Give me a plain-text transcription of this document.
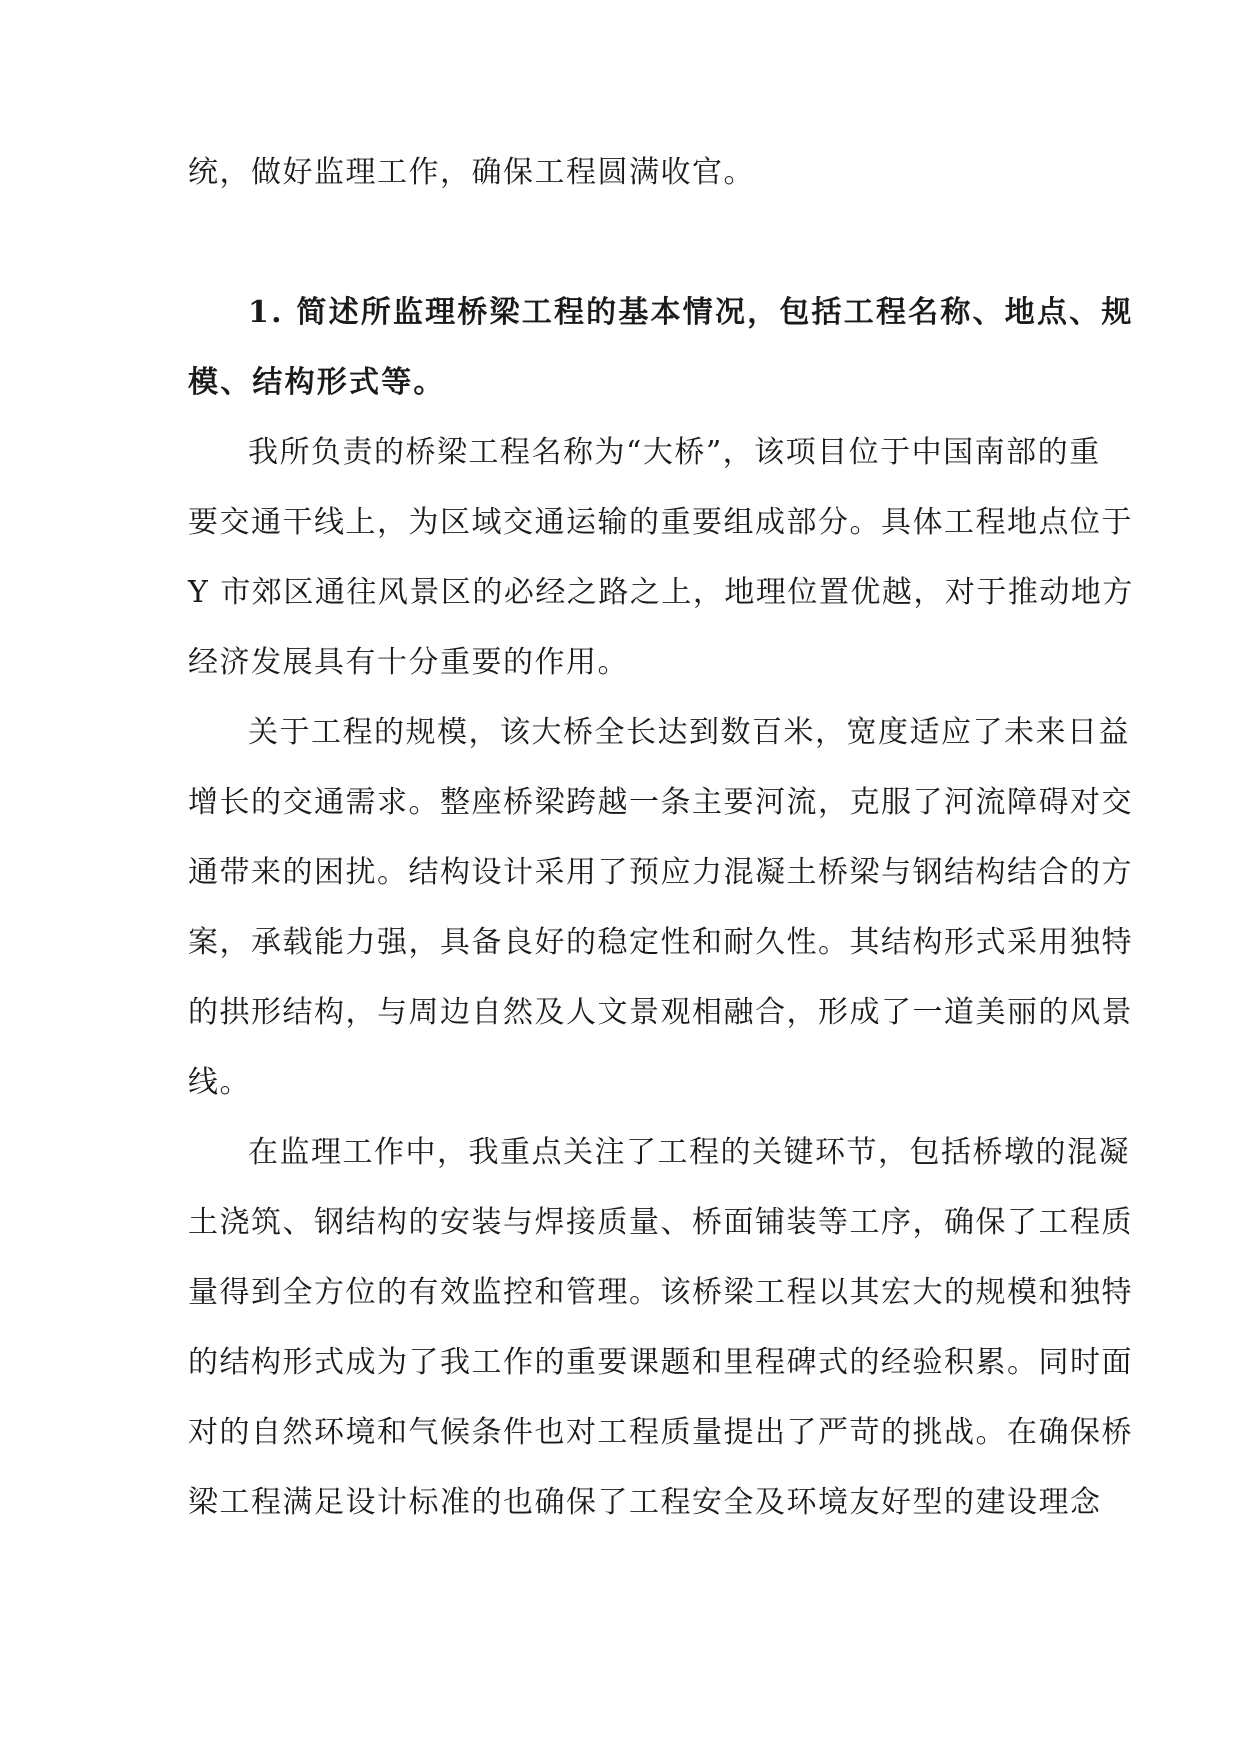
统，做好监理工作，确保工程圆满收官。
1. 简述所监理桥梁工程的基本情况，包括工程名称、地点、规
模、结构形式等。
我所负责的桥梁工程名称为“大桥”，该项目位于中国南部的重
要交通干线上，为区域交通运输的重要组成部分。具体工程地点位于
Y 市郊区通往风景区的必经之路之上，地理位置优越，对于推动地方
经济发展具有十分重要的作用。
关于工程的规模，该大桥全长达到数百米，宽度适应了未来日益
增长的交通需求。整座桥梁跨越一条主要河流，克服了河流障碍对交
通带来的困扰。结构设计采用了预应力混凝土桥梁与钢结构结合的方
案，承载能力强，具备良好的稳定性和耐久性。其结构形式采用独特
的拱形结构，与周边自然及人文景观相融合，形成了一道美丽的风景
线。
在监理工作中，我重点关注了工程的关键环节，包括桥墩的混凝
土浇筑、钢结构的安装与焊接质量、桥面铺装等工序，确保了工程质
量得到全方位的有效监控和管理。该桥梁工程以其宏大的规模和独特
的结构形式成为了我工作的重要课题和里程碑式的经验积累。同时面
对的自然环境和气候条件也对工程质量提出了严苛的挑战。在确保桥
梁工程满足设计标准的也确保了工程安全及环境友好型的建设理念
